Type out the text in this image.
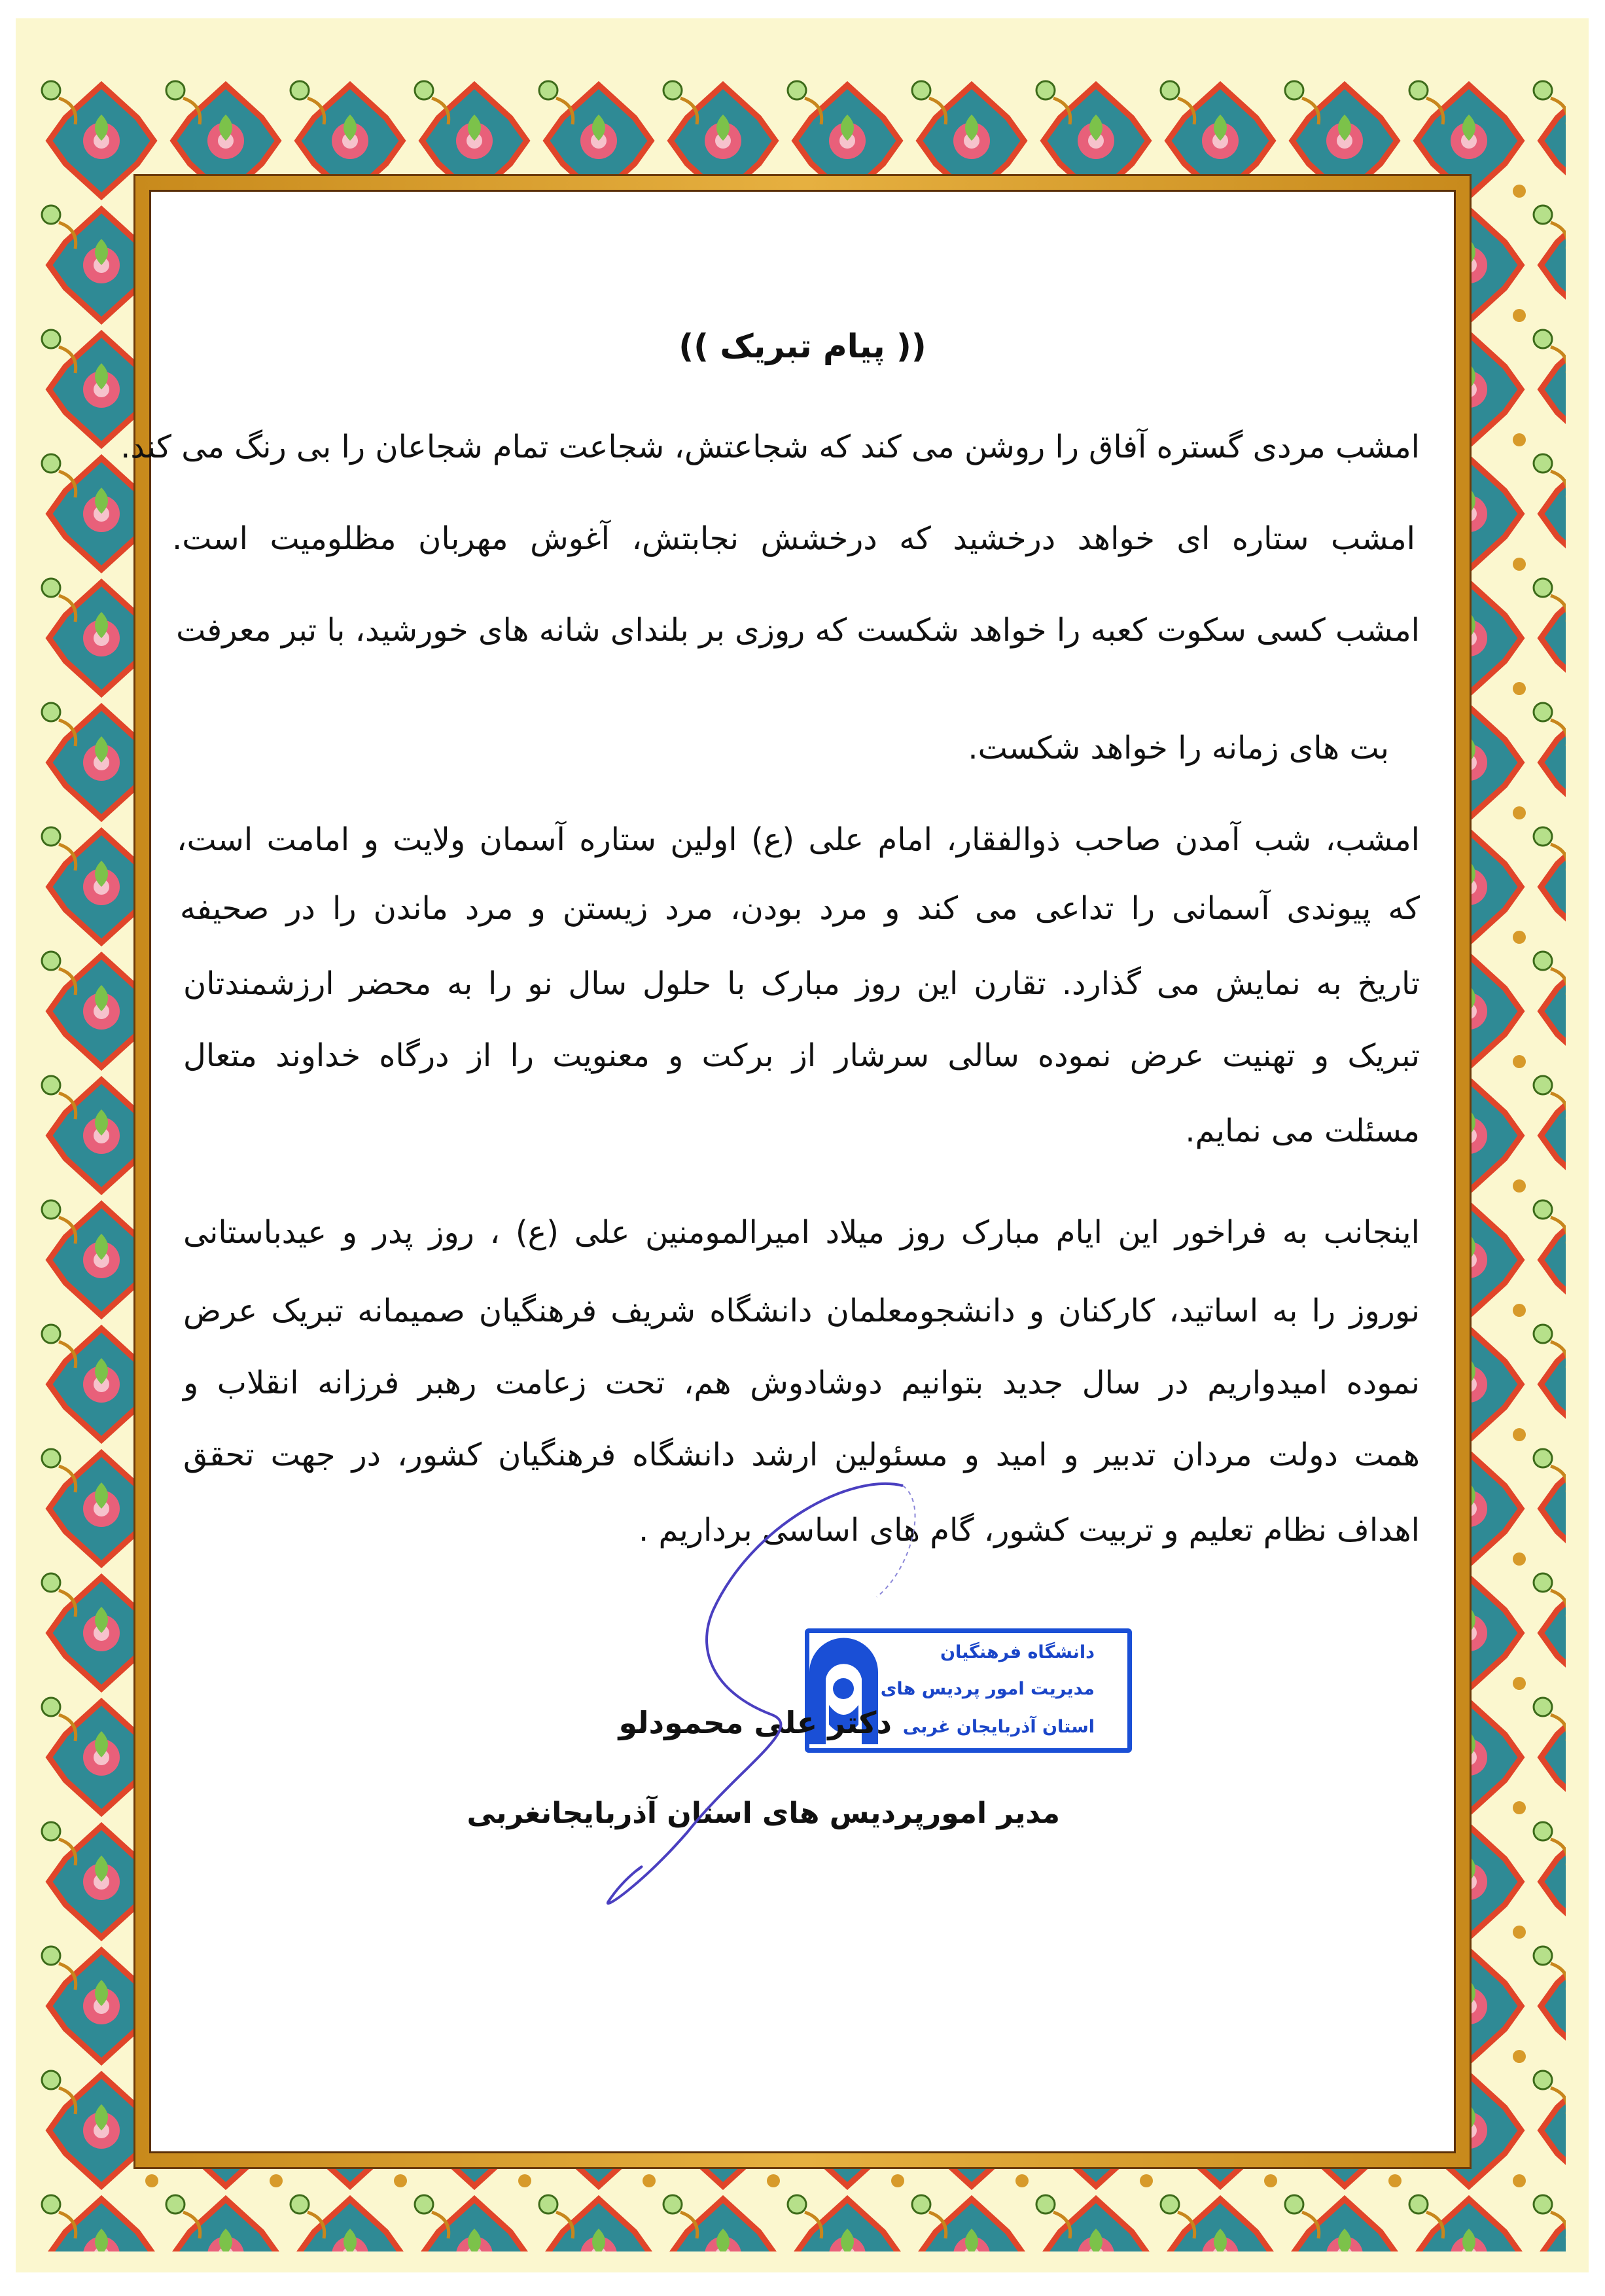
(( پیام تبریک ))
امشب مردی گستره آفاق را روشن می کند که شجاعتش، شجاعت تمام شجاعان را بی رنگ می کند.
امشب ستاره ای خواهد درخشید که درخشش نجابتش، آغوش مهربان مظلومیت است.
امشب کسی سکوت کعبه را خواهد شکست که روزی بر بلندای شانه های خورشید، با تبر معرفت
بت های زمانه را خواهد شکست.
امشب، شب آمدن صاحب ذوالفقار، امام علی (ع) اولین ستاره آسمان ولایت و امامت است،
که پیوندی آسمانی را تداعی می کند و مرد بودن، مرد زیستن و مرد ماندن را در صحیفه
تاریخ به نمایش می گذارد. تقارن این روز مبارک با حلول سال نو را به محضر ارزشمندتان
تبریک و تهنیت عرض نموده سالی سرشار از برکت و معنویت را از درگاه خداوند متعال
مسئلت می نمایم.
اینجانب به فراخور این ایام مبارک روز میلاد امیرالمومنین علی (ع) ، روز پدر و عیدباستانی
نوروز را به اساتید، کارکنان و دانشجومعلمان دانشگاه شریف فرهنگیان صمیمانه تبریک عرض
نموده امیدواریم در سال جدید بتوانیم دوشادوش هم، تحت زعامت رهبر فرزانه انقلاب و
همت دولت مردان تدبیر و امید و مسئولین ارشد دانشگاه فرهنگیان کشور، در جهت تحقق
اهداف نظام تعلیم و تربیت کشور، گام های اساسی برداریم .
دانشگاه فرهنگیان
مدیریت امور پردیس های
استان آذربایجان غربی
دکتر علی محمودلو
مدیر امورپردیس های استان آذربایجانغربی
